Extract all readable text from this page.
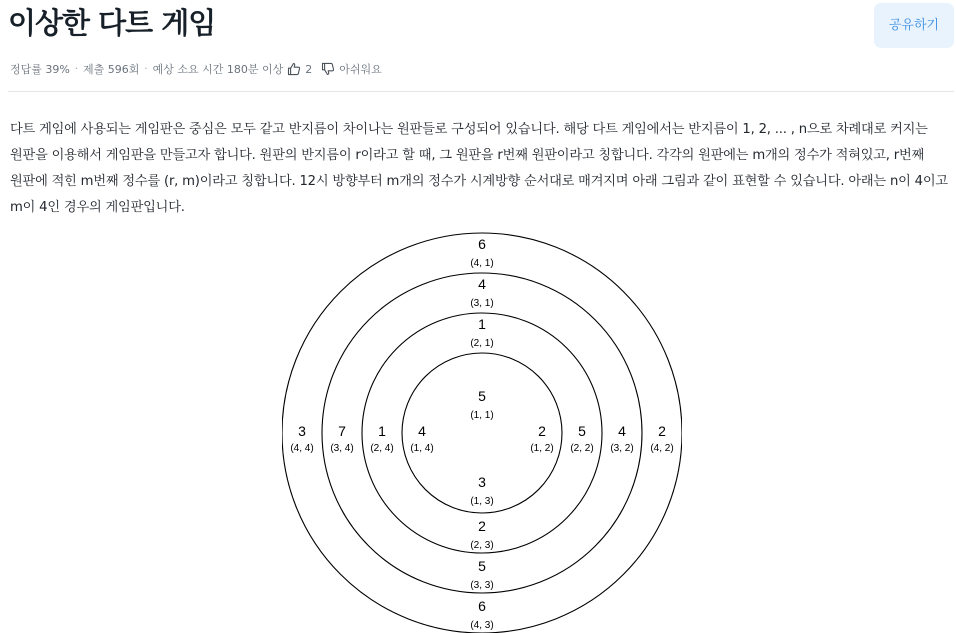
이상한 다트 게임	공유하기
정답률 39% · 제출 596회 · 예상 소요 시간 180분 이상 2 아쉬워요

다트 게임에 사용되는 게임판은 중심은 모두 같고 반지름이 차이나는 원판들로 구성되어 있습니다. 해당 다트 게임에서는 반지름이 1, 2, ... , n으로 차례대로 커지는 원판을 이용해서 게임판을 만들고자 합니다. 원판의 반지름이 r이라고 할 때, 그 원판을 r번째 원판이라고 칭합니다. 각각의 원판에는 m개의 정수가 적혀있고, r번째 원판에 적힌 m번째 정수를 (r, m)이라고 칭합니다. 12시 방향부터 m개의 정수가 시계방향 순서대로 매겨지며 아래 그림과 같이 표현할 수 있습니다. 아래는 n이 4이고 m이 4인 경우의 게임판입니다.

5
(1, 1)
3
(1, 3)
2
(1, 2)
4
(1, 4)
1
(2, 1)
2
(2, 3)
5
(2, 2)
1
(2, 4)
4
(3, 1)
5
(3, 3)
4
(3, 2)
7
(3, 4)
6
(4, 1)
6
(4, 3)
2
(4, 2)
3
(4, 4)
